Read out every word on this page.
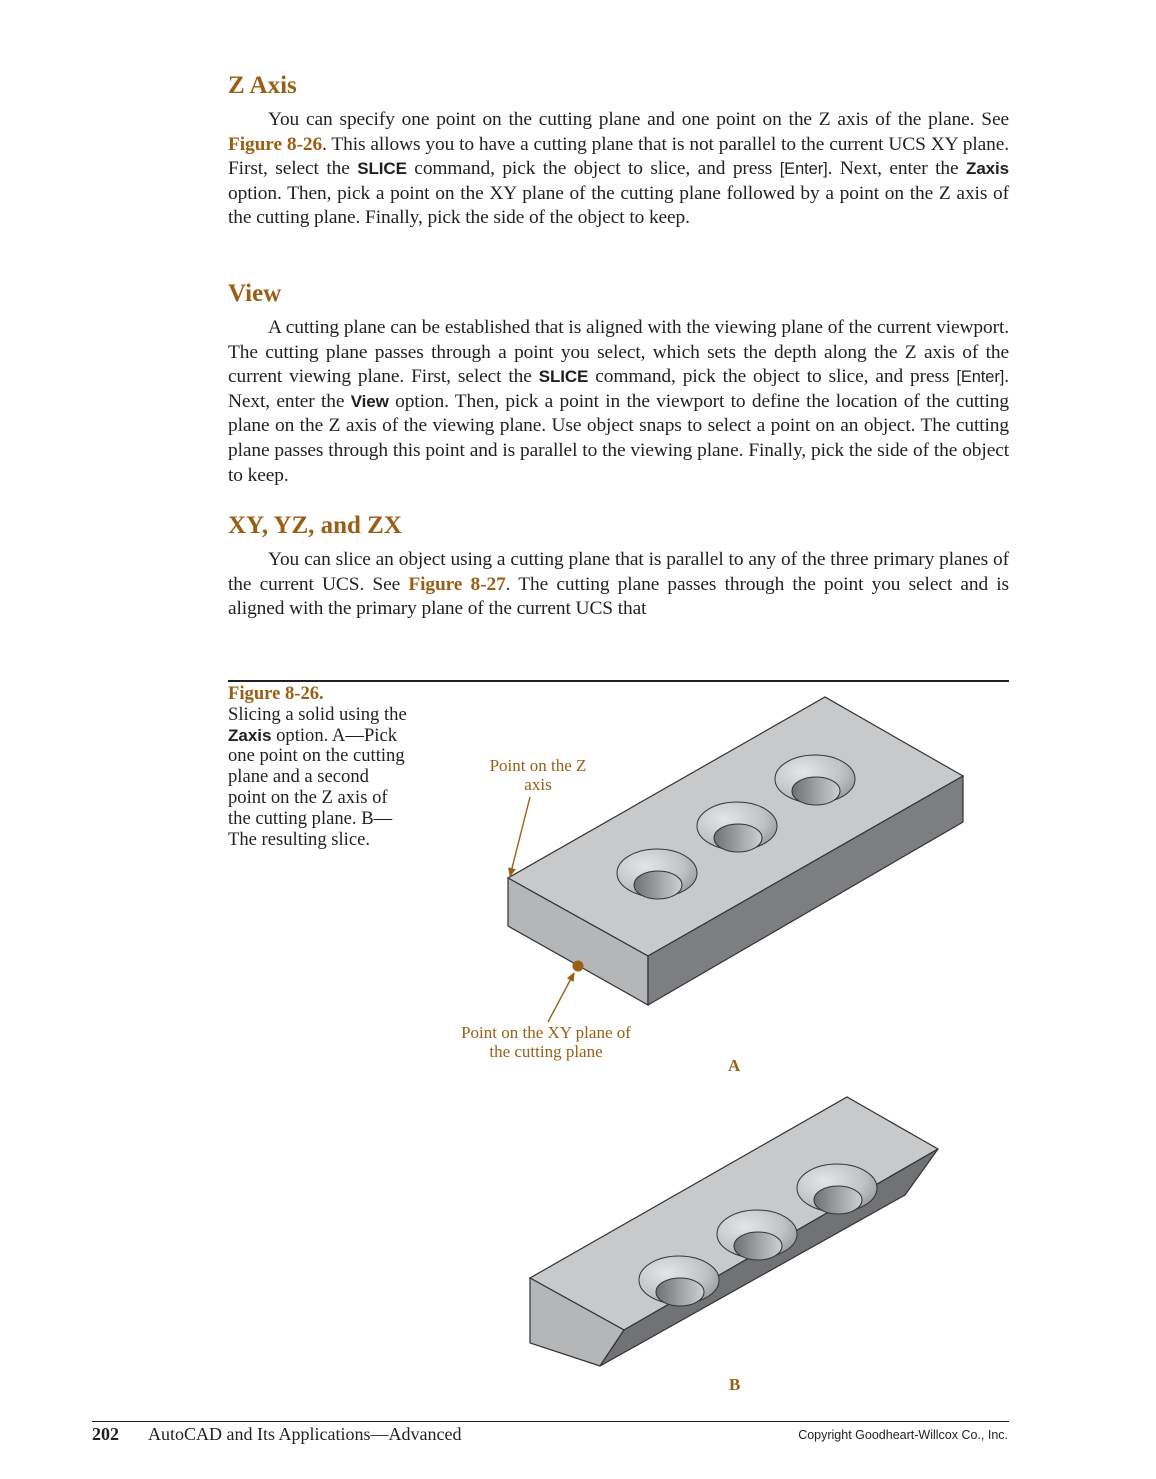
Z Axis

You can specify one point on the cutting plane and one point on the Z axis of the plane. See Figure 8-26. This allows you to have a cutting plane that is not parallel to the current UCS XY plane. First, select the SLICE command, pick the object to slice, and press [Enter]. Next, enter the Zaxis option. Then, pick a point on the XY plane of the cutting plane followed by a point on the Z axis of the cutting plane. Finally, pick the side of the object to keep.

View

A cutting plane can be established that is aligned with the viewing plane of the current viewport. The cutting plane passes through a point you select, which sets the depth along the Z axis of the current viewing plane. First, select the SLICE command, pick the object to slice, and press [Enter]. Next, enter the View option. Then, pick a point in the viewport to define the location of the cutting plane on the Z axis of the viewing plane. Use object snaps to select a point on an object. The cutting plane passes through this point and is parallel to the viewing plane. Finally, pick the side of the object to keep.

XY, YZ, and ZX

You can slice an object using a cutting plane that is parallel to any of the three primary planes of the current UCS. See Figure 8-27. The cutting plane passes through the point you select and is aligned with the primary plane of the current UCS that

Figure 8-26.
Slicing a solid using the Zaxis option. A—Pick one point on the cutting plane and a second point on the Z axis of the cutting plane. B—The resulting slice.
Point on the Z axis
Point on the XY plane of the cutting plane
A
B
202 AutoCAD and Its Applications—Advanced	Copyright Goodheart-Willcox Co., Inc.
